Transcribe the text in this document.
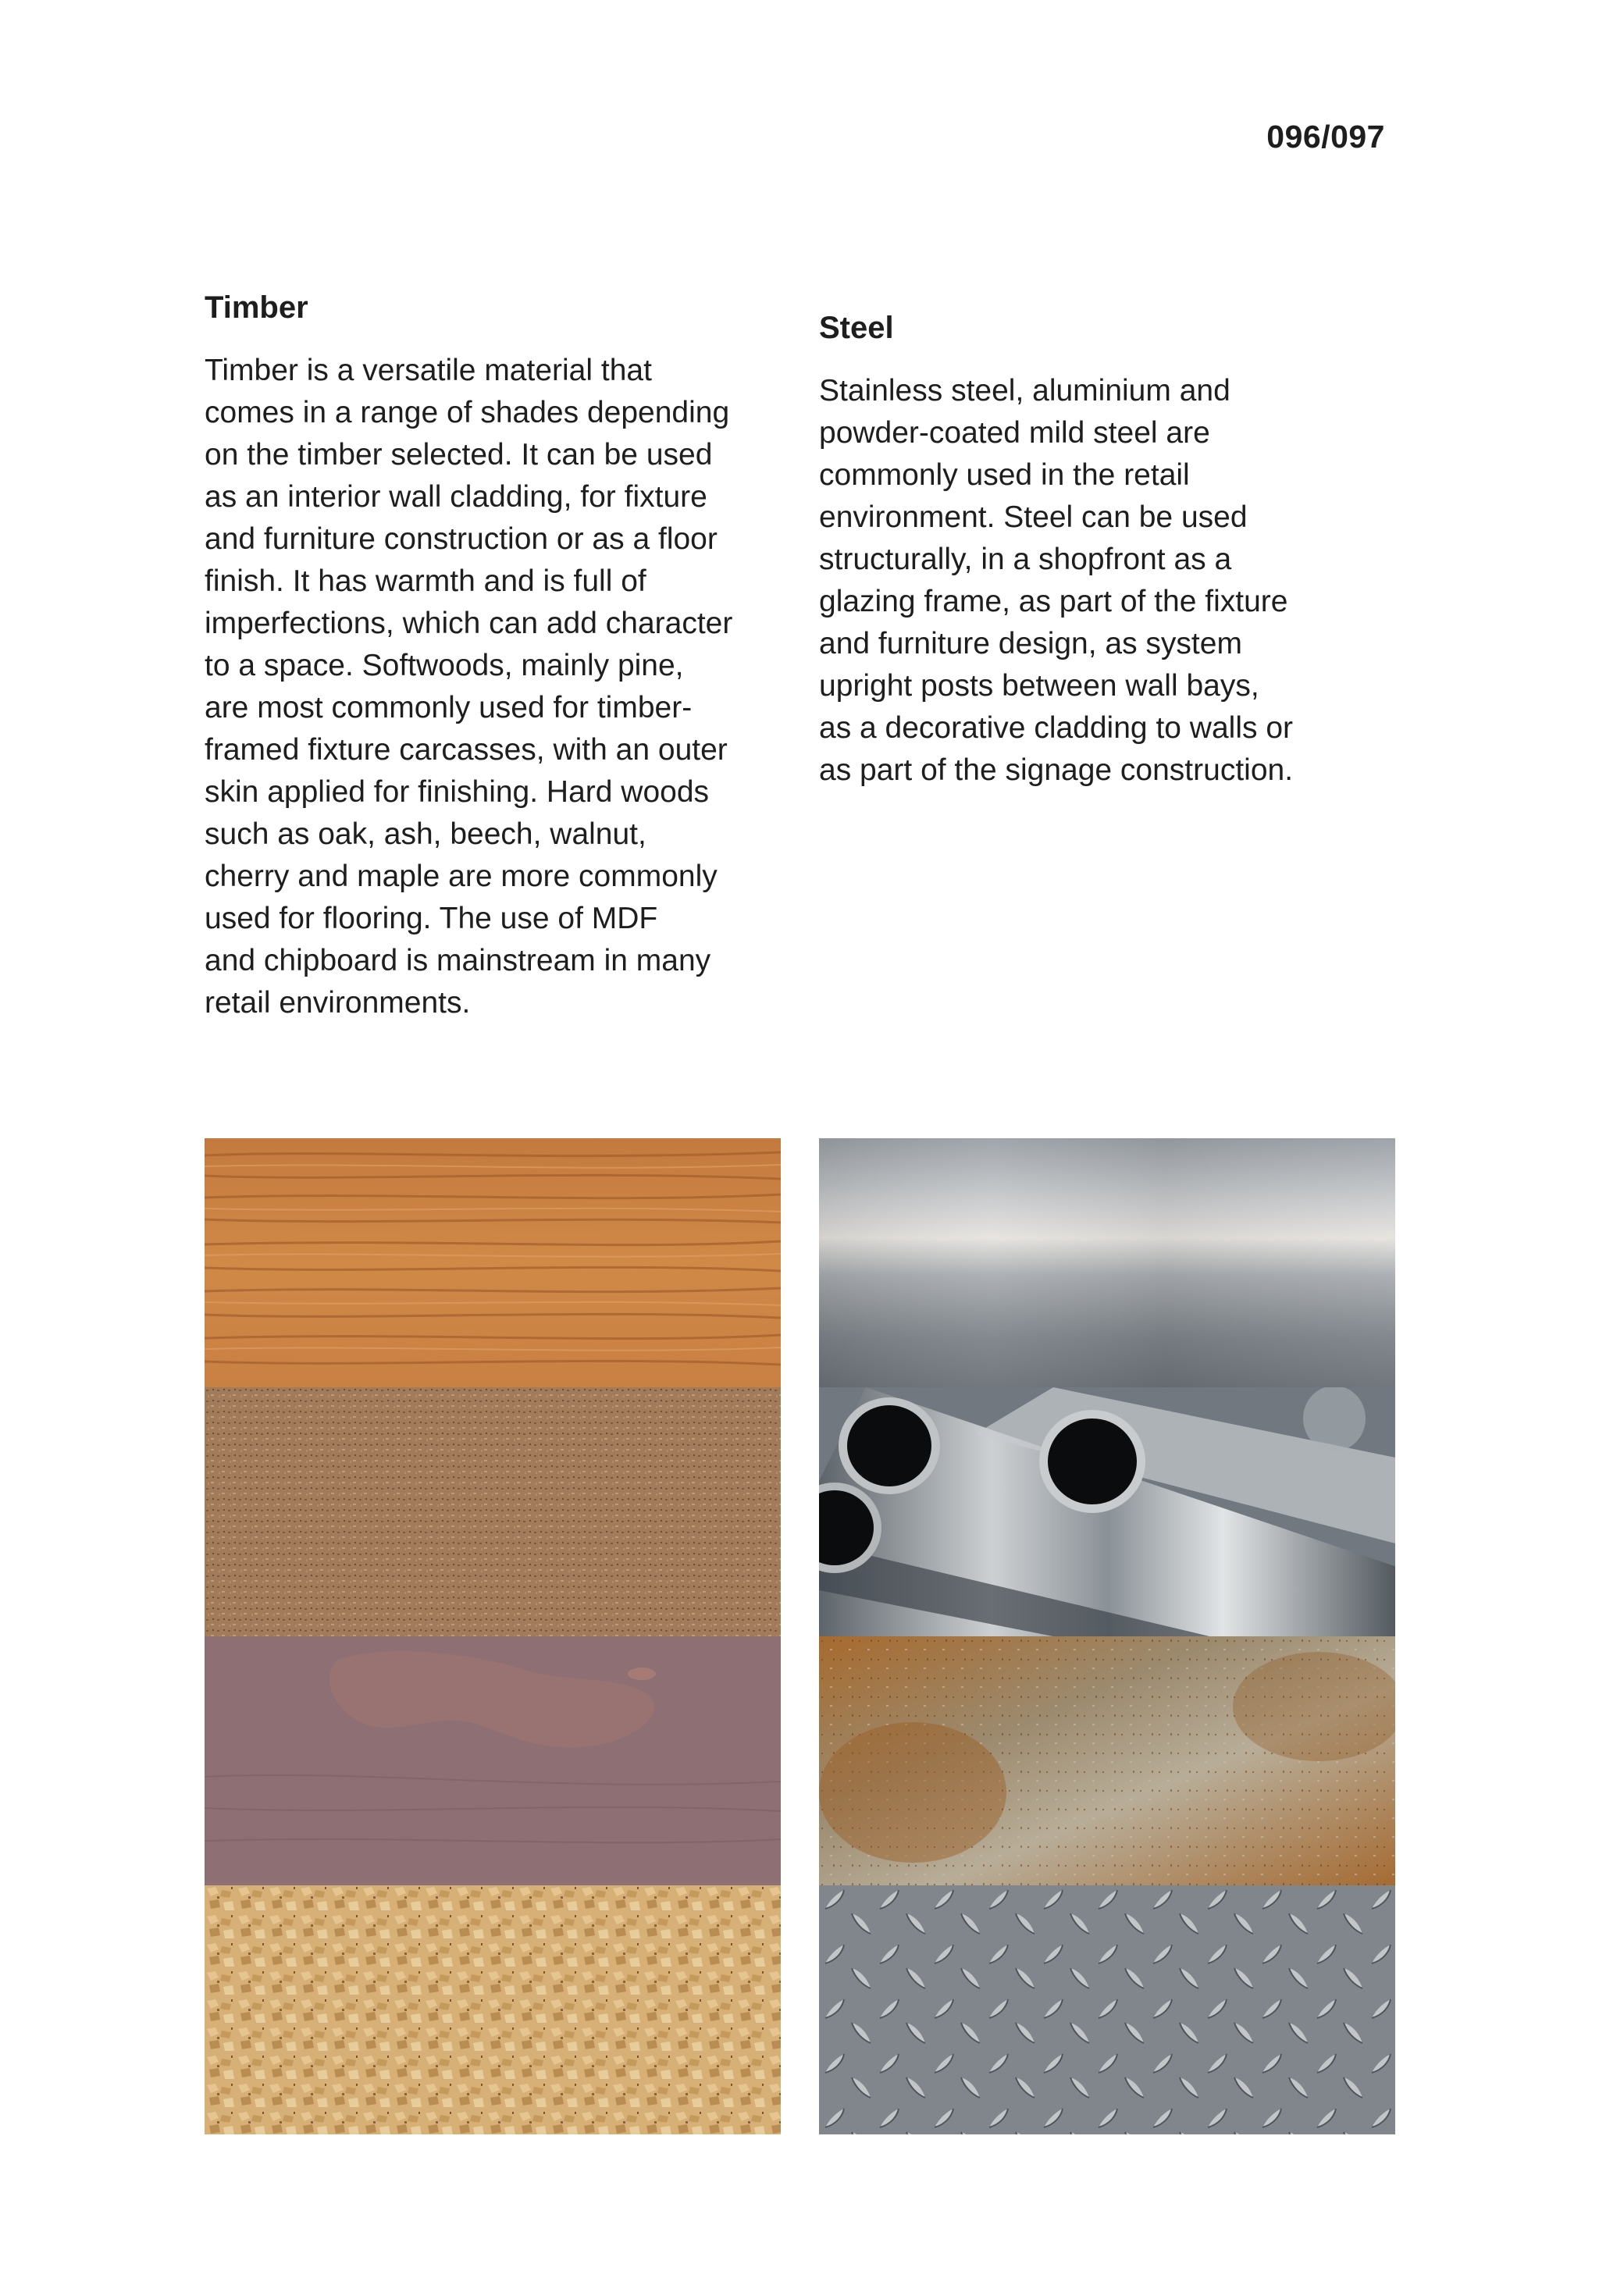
096/097
Timber

Timber is a versatile material that
comes in a range of shades depending
on the timber selected. It can be used
as an interior wall cladding, for fixture
and furniture construction or as a floor
finish. It has warmth and is full of
imperfections, which can add character
to a space. Softwoods, mainly pine,
are most commonly used for timber-
framed fixture carcasses, with an outer
skin applied for finishing. Hard woods
such as oak, ash, beech, walnut,
cherry and maple are more commonly
used for flooring. The use of MDF
and chipboard is mainstream in many
retail environments.

Steel

Stainless steel, aluminium and
powder-coated mild steel are
commonly used in the retail
environment. Steel can be used
structurally, in a shopfront as a
glazing frame, as part of the fixture
and furniture design, as system
upright posts between wall bays,
as a decorative cladding to walls or
as part of the signage construction.
